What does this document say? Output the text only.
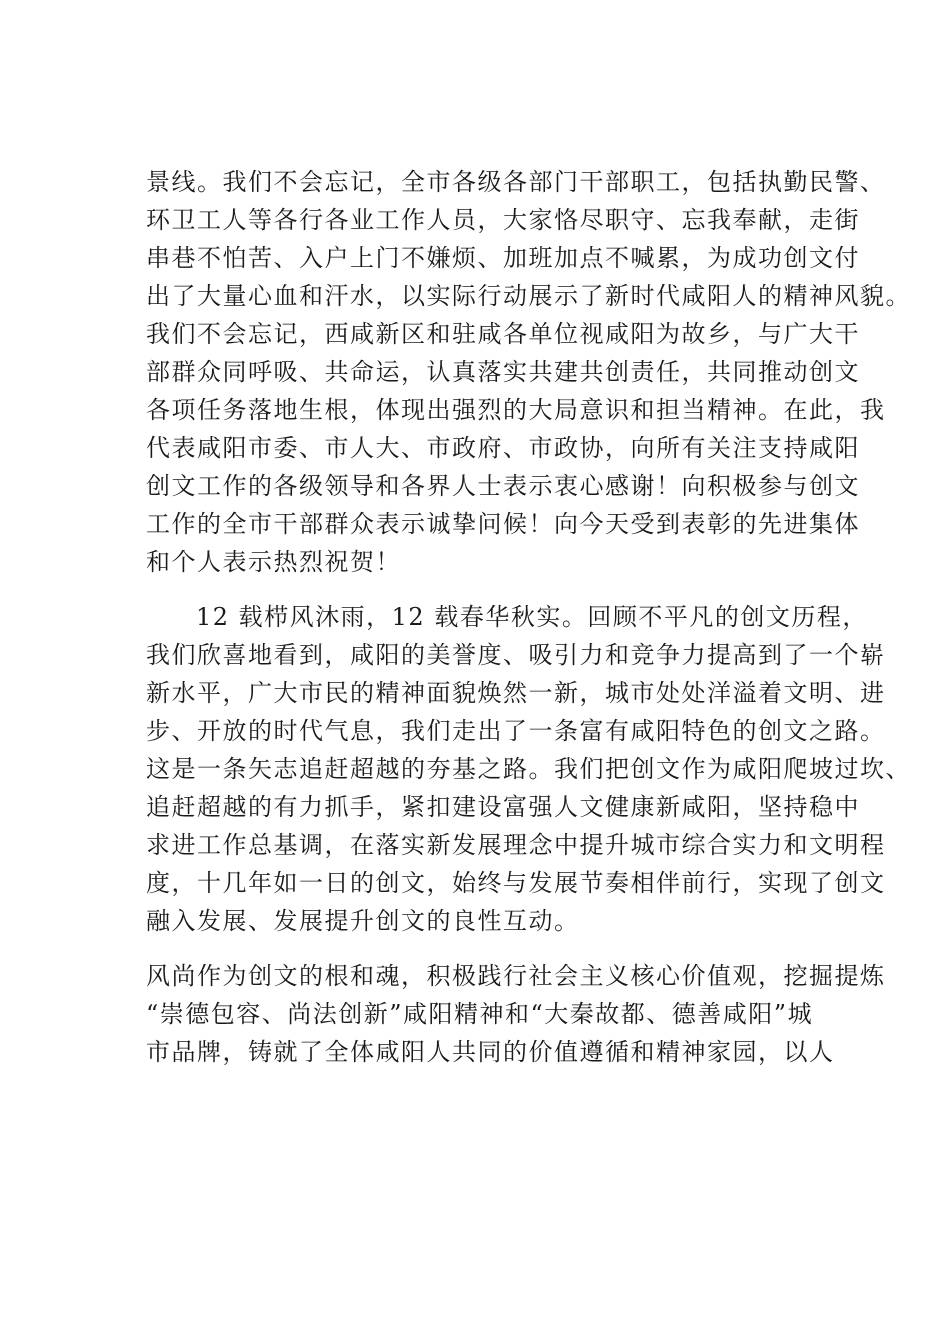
景线。我们不会忘记，全市各级各部门干部职工，包括执勤民警、
环卫工人等各行各业工作人员，大家恪尽职守、忘我奉献，走街
串巷不怕苦、入户上门不嫌烦、加班加点不喊累，为成功创文付
出了大量心血和汗水，以实际行动展示了新时代咸阳人的精神风貌。
我们不会忘记，西咸新区和驻咸各单位视咸阳为故乡，与广大干
部群众同呼吸、共命运，认真落实共建共创责任，共同推动创文
各项任务落地生根，体现出强烈的大局意识和担当精神。在此，我
代表咸阳市委、市人大、市政府、市政协，向所有关注支持咸阳
创文工作的各级领导和各界人士表示衷心感谢！向积极参与创文
工作的全市干部群众表示诚挚问候！向今天受到表彰的先进集体
和个人表示热烈祝贺！
12 载栉风沐雨，12 载春华秋实。回顾不平凡的创文历程，
我们欣喜地看到，咸阳的美誉度、吸引力和竞争力提高到了一个崭
新水平，广大市民的精神面貌焕然一新，城市处处洋溢着文明、进
步、开放的时代气息，我们走出了一条富有咸阳特色的创文之路。
这是一条矢志追赶超越的夯基之路。我们把创文作为咸阳爬坡过坎、
追赶超越的有力抓手，紧扣建设富强人文健康新咸阳，坚持稳中
求进工作总基调，在落实新发展理念中提升城市综合实力和文明程
度，十几年如一日的创文，始终与发展节奏相伴前行，实现了创文
融入发展、发展提升创文的良性互动。
风尚作为创文的根和魂，积极践行社会主义核心价值观，挖掘提炼
“崇德包容、尚法创新”咸阳精神和“大秦故都、德善咸阳”城
市品牌，铸就了全体咸阳人共同的价值遵循和精神家园，以人
